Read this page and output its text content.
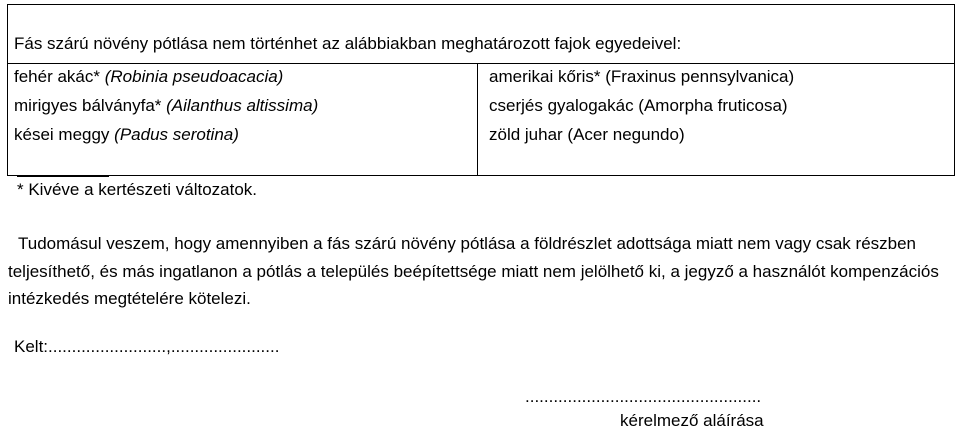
Fás szárú növény pótlása nem történhet az alábbiakban meghatározott fajok egyedeivel:
fehér akác* (Robinia pseudoacacia)
mirigyes bálványfa* (Ailanthus altissima)
kései meggy (Padus serotina)
amerikai kőris* (Fraxinus pennsylvanica)
cserjés gyalogakác (Amorpha fruticosa)
zöld juhar (Acer negundo)
* Kivéve a kertészeti változatok.
Tudomásul veszem, hogy amennyiben a fás szárú növény pótlása a földrészlet adottsága miatt nem vagy csak részben teljesíthető, és más ingatlanon a pótlás a település beépítettsége miatt nem jelölhető ki, a jegyző a használót kompenzációs intézkedés megtételére kötelezi.
Kelt:.........................,.......................
..................................................
kérelmező aláírása
